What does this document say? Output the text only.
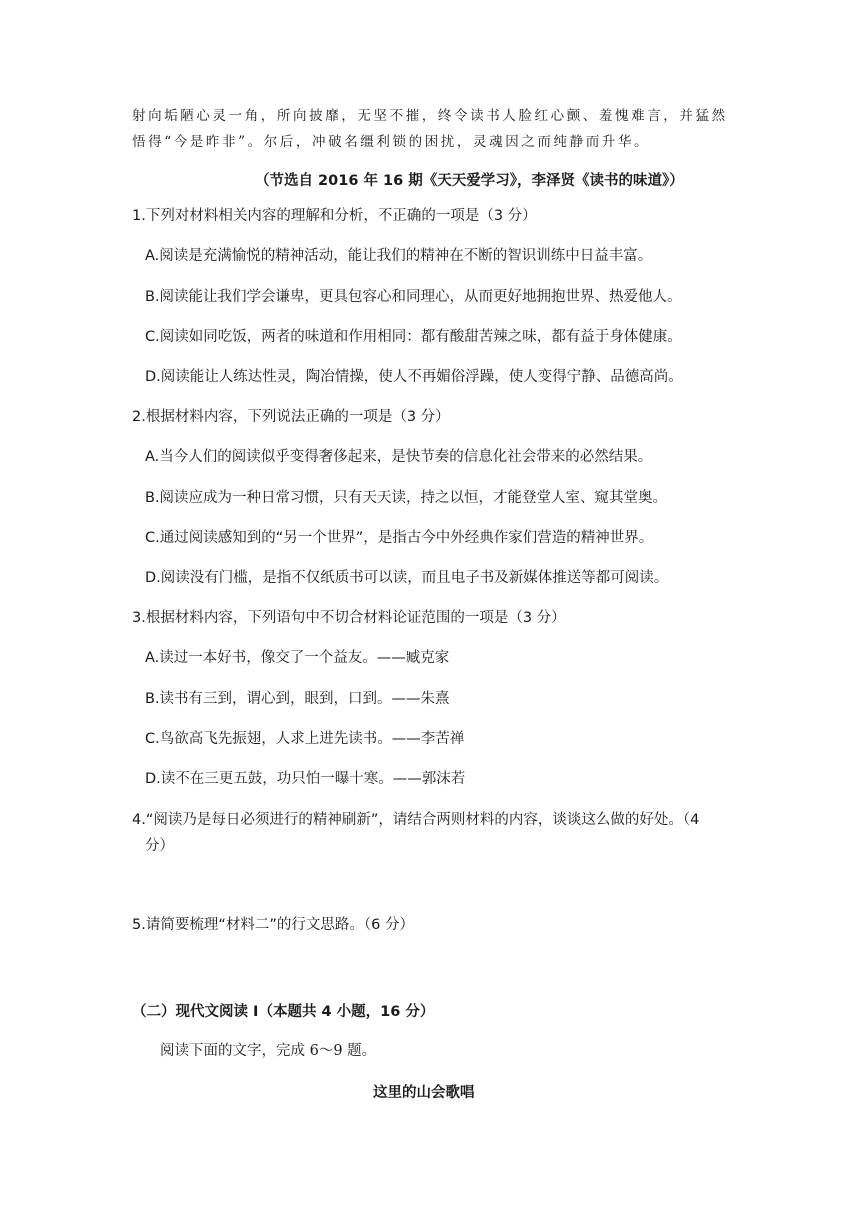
射向垢陋心灵一角，所向披靡，无坚不摧，终令读书人脸红心颤、羞愧难言，并猛然
悟得“今是昨非”。尔后，冲破名缰利锁的困扰，灵魂因之而纯静而升华。
（节选自 2016 年 16 期《天天爱学习》，李泽贤《读书的味道》）
1.下列对材料相关内容的理解和分析，不正确的一项是（3 分）
A.阅读是充满愉悦的精神活动，能让我们的精神在不断的智识训练中日益丰富。
B.阅读能让我们学会谦卑，更具包容心和同理心，从而更好地拥抱世界、热爱他人。
C.阅读如同吃饭，两者的味道和作用相同：都有酸甜苦辣之味，都有益于身体健康。
D.阅读能让人练达性灵，陶冶情操，使人不再媚俗浮躁，使人变得宁静、品德高尚。
2.根据材料内容，下列说法正确的一项是（3 分）
A.当今人们的阅读似乎变得奢侈起来，是快节奏的信息化社会带来的必然结果。
B.阅读应成为一种日常习惯，只有天天读，持之以恒，才能登堂人室、窥其堂奥。
C.通过阅读感知到的“另一个世界”，是指古今中外经典作家们营造的精神世界。
D.阅读没有门槛，是指不仅纸质书可以读，而且电子书及新媒体推送等都可阅读。
3.根据材料内容，下列语句中不切合材料论证范围的一项是（3 分）
A.读过一本好书，像交了一个益友。——臧克家
B.读书有三到，谓心到，眼到，口到。——朱熹
C.鸟欲高飞先振翅，人求上进先读书。——李苦禅
D.读不在三更五鼓，功只怕一曝十寒。——郭沫若
4.“阅读乃是每日必须进行的精神刷新”，请结合两则材料的内容，谈谈这么做的好处。（4
分）
5.请简要梳理“材料二”的行文思路。（6 分）
（二）现代文阅读 I（本题共 4 小题，16 分）
阅读下面的文字，完成 6～9 题。
这里的山会歌唱
